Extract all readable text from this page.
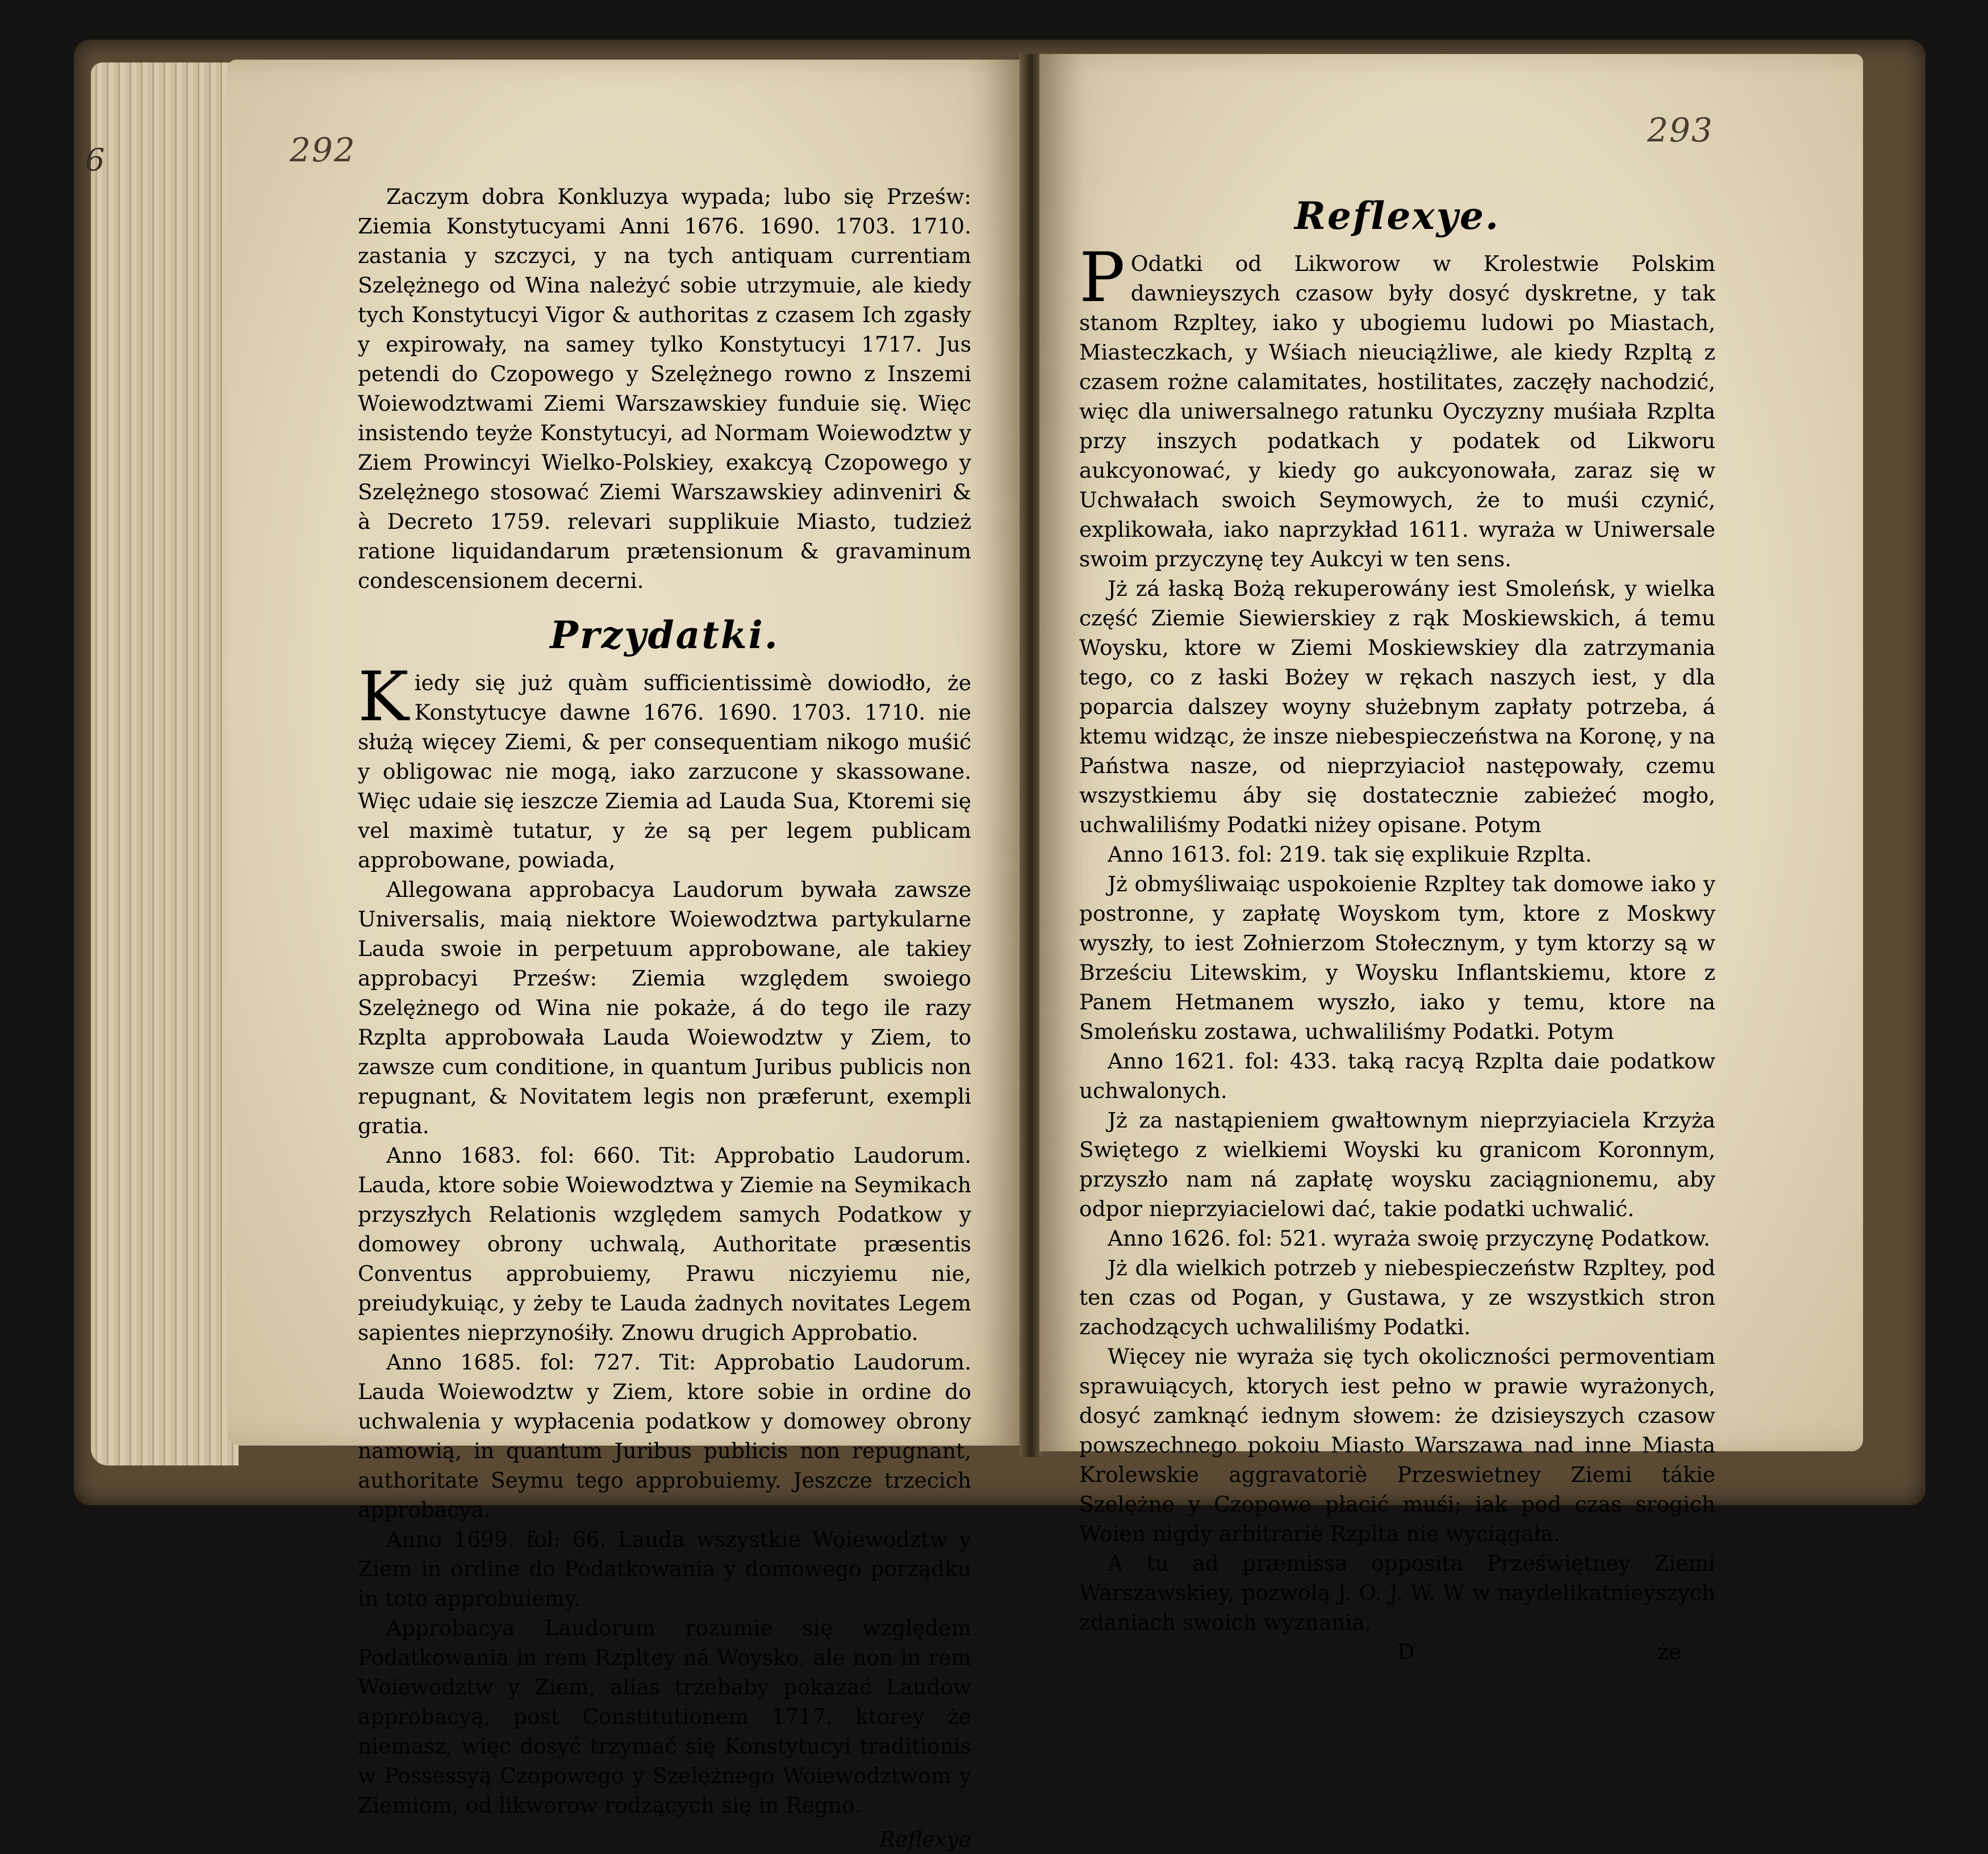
6	292
293

Zaczym dobra Konkluzya wypada; lubo się Prześw: Ziemia Konstytucyami Anni 1676. 1690. 1703. 1710. zastania y szczyci, y na tych antiquam currentiam Szelężnego od Wina należyć sobie utrzymuie, ale kiedy tych Konstytucyi Vigor & authoritas z czasem Ich zgasły y expirowały, na samey tylko Konstytucyi 1717. Jus petendi do Czopowego y Szelężnego rowno z Inszemi Woiewodztwami Ziemi Warszawskiey funduie się. Więc insistendo teyże Konstytucyi, ad Normam Woiewodztw y Ziem Prowincyi Wielko-Polskiey, exakcyą Czopowego y Szelężnego stosować Ziemi Warszawskiey adinveniri & à Decreto 1759. relevari supplikuie Miasto, tudzież ratione liquidandarum prætensionum & gravaminum condescensionem decerni.

Przydatki.

Kiedy się już quàm sufficientissimè dowiodło, że Konstytucye dawne 1676. 1690. 1703. 1710. nie służą więcey Ziemi, & per consequentiam nikogo muśić y obligowac nie mogą, iako zarzucone y skassowane. Więc udaie się ieszcze Ziemia ad Lauda Sua, Ktoremi się vel maximè tutatur, y że są per legem publicam approbowane, powiada,

Allegowana approbacya Laudorum bywała zawsze Universalis, maią niektore Woiewodztwa partykularne Lauda swoie in perpetuum approbowane, ale takiey approbacyi Prześw: Ziemia względem swoiego Szelężnego od Wina nie pokaże, á do tego ile razy Rzplta approbowała Lauda Woiewodztw y Ziem, to zawsze cum conditione, in quantum Juribus publicis non repugnant, & Novitatem legis non præferunt, exempli gratia.

Anno 1683. fol: 660. Tit: Approbatio Laudorum. Lauda, ktore sobie Woiewodztwa y Ziemie na Seymikach przyszłych Relationis względem samych Podatkow y domowey obrony uchwalą, Authoritate præsentis Conventus approbuiemy, Prawu niczyiemu nie, preiudykuiąc, y żeby te Lauda żadnych novitates Legem sapientes nieprzynośiły. Znowu drugich Approbatio.

Anno 1685. fol: 727. Tit: Approbatio Laudorum. Lauda Woiewodztw y Ziem, ktore sobie in ordine do uchwalenia y wypłacenia podatkow y domowey obrony namowią, in quantum Juribus publicis non repugnant, authoritate Seymu tego approbuiemy. Jeszcze trzecich approbacya.

Anno 1699. fol: 66. Lauda wszystkie Woiewodztw y Ziem in ordine do Podatkowania y domowego porządku in toto approbuiemy.

Approbacya Laudorum rozumie się względem Podatkowania in rem Rzpltey ná Woysko, ale non in rem Woiewodztw y Ziem, alias trzebaby pokazać Laudow approbacyą, post Constitutionem 1717. ktorey że niemasz, więc dosyć trzymać się Konstytucyi traditionis w Possessyą Czopowego y Szelężnego Woiewodztwom y Ziemiom, od likworow rodzących się in Regno.

Reflexye
Reflexye.

P Odatki od Likworow w Krolestwie Polskim dawnieyszych czasow były dosyć dyskretne, y tak stanom Rzpltey, iako y ubogiemu ludowi po Miastach, Miasteczkach, y Wśiach nieuciążliwe, ale kiedy Rzpltą z czasem rożne calamitates, hostilitates, zaczęły nachodzić, więc dla uniwersalnego ratunku Oyczyzny muśiała Rzplta przy inszych podatkach y podatek od Likworu aukcyonować, y kiedy go aukcyonowała, zaraz się w Uchwałach swoich Seymowych, że to muśi czynić, explikowała, iako naprzykład 1611. wyraża w Uniwersale swoim przyczynę tey Aukcyi w ten sens.

Jż zá łaską Bożą rekuperowány iest Smoleńsk, y wielka część Ziemie Siewierskiey z rąk Moskiewskich, á temu Woysku, ktore w Ziemi Moskiewskiey dla zatrzymania tego, co z łaski Bożey w rękach naszych iest, y dla poparcia dalszey woyny służebnym zapłaty potrzeba, á ktemu widząc, że insze niebespieczeństwa na Koronę, y na Państwa nasze, od nieprzyiacioł następowały, czemu wszystkiemu áby się dostatecznie zabieżeć mogło, uchwaliliśmy Podatki niżey opisane. Potym

Anno 1613. fol: 219. tak się explikuie Rzplta.

Jż obmyśliwaiąc uspokoienie Rzpltey tak domowe iako y postronne, y zapłatę Woyskom tym, ktore z Moskwy wyszły, to iest Zołnierzom Stołecznym, y tym ktorzy są w Brześciu Litewskim, y Woysku Inflantskiemu, ktore z Panem Hetmanem wyszło, iako y temu, ktore na Smoleńsku zostawa, uchwaliliśmy Podatki. Potym

Anno 1621. fol: 433. taką racyą Rzplta daie podatkow uchwalonych.

Jż za nastąpieniem gwałtownym nieprzyiaciela Krzyża Swiętego z wielkiemi Woyski ku granicom Koronnym, przyszło nam ná zapłatę woysku zaciągnionemu, aby odpor nieprzyiacielowi dać, takie podatki uchwalić.

Anno 1626. fol: 521. wyraża swoię przyczynę Podatkow.

Jż dla wielkich potrzeb y niebespieczeństw Rzpltey, pod ten czas od Pogan, y Gustawa, y ze wszystkich stron zachodzących uchwaliliśmy Podatki.

Więcey nie wyraża się tych okoliczności permoventiam sprawuiących, ktorych iest pełno w prawie wyrażonych, dosyć zamknąć iednym słowem: że dzisieyszych czasow powszechnego pokoiu Miasto Warszawa nad inne Miasta Krolewskie aggravatoriè Przeswietney Ziemi tákie Szelężne y Czopowe płacić muśi; iak pod czas srogich Woien nigdy arbitrariè Rzplta nie wyciągała.

A tu ad præmissa opposita Przeświętney Ziemi Warszawskiey, pozwolą J. O. J. W. W w naydelikatnieyszych zdaniach swoich wyznania,

D	że
